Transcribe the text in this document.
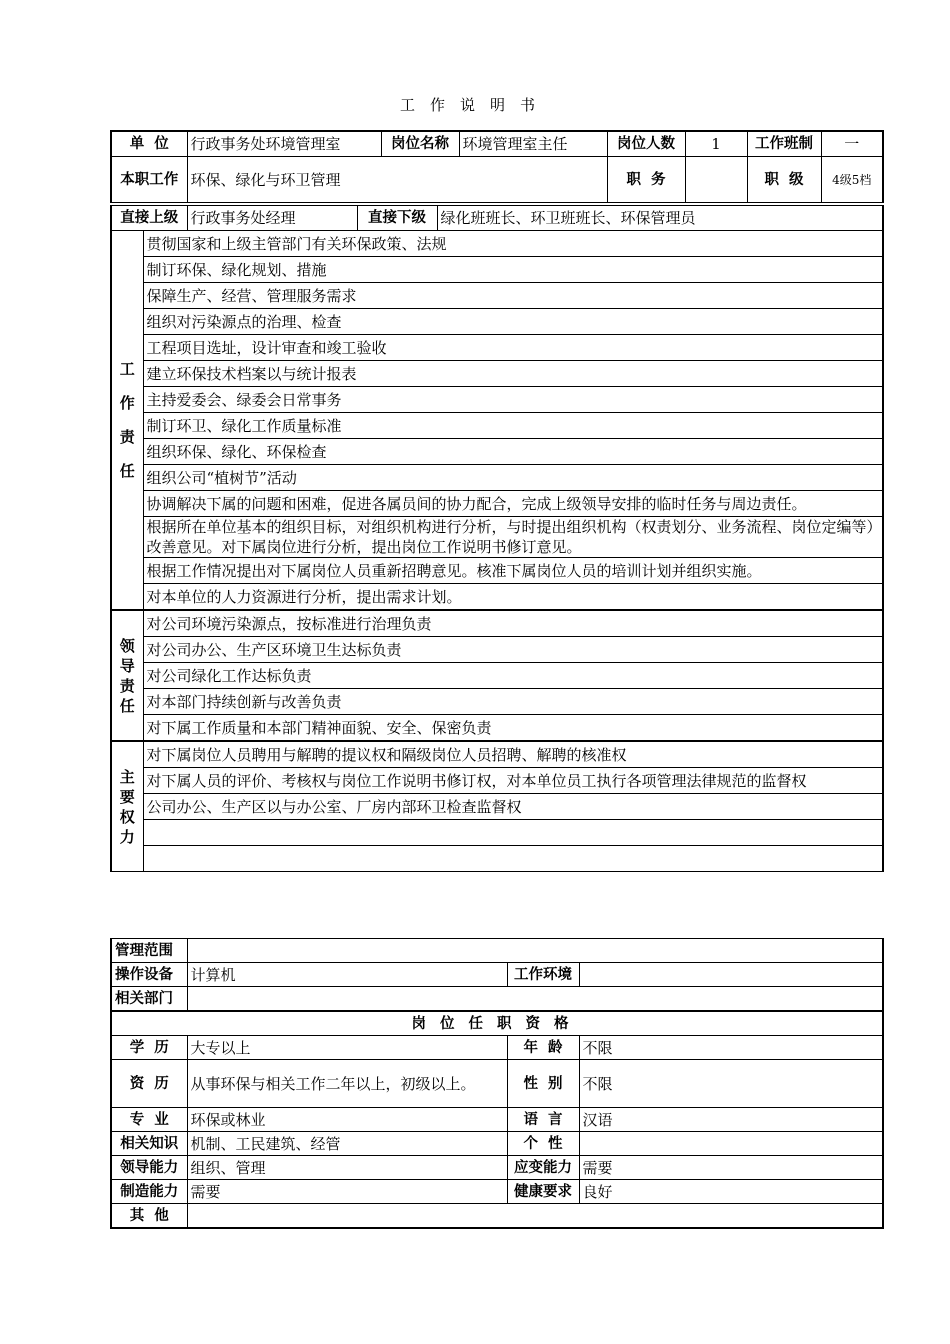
工作说明书
单  位	行政事务处环境管理室	岗位名称	环境管理室主任	岗位人数	1	工作班制	一
本职工作	环保、绿化与环卫管理			职  务		职  级	4级5档
直接上级	行政事务处经理	直接下级	绿化班班长、环卫班班长、环保管理员
工
作
责
任	贯彻国家和上级主管部门有关环保政策、法规
	制订环保、绿化规划、措施
	保障生产、经营、管理服务需求
	组织对污染源点的治理、检查
	工程项目选址，设计审查和竣工验收
	建立环保技术档案以与统计报表
	主持爱委会、绿委会日常事务
	制订环卫、绿化工作质量标准
	组织环保、绿化、环保检查
	组织公司“植树节”活动
	协调解决下属的问题和困难，促进各属员间的协力配合，完成上级领导安排的临时任务与周边责任。
	根据所在单位基本的组织目标，对组织机构进行分析，与时提出组织机构（权责划分、业务流程、岗位定编等）改善意见。对下属岗位进行分析，提出岗位工作说明书修订意见。
	根据工作情况提出对下属岗位人员重新招聘意见。核准下属岗位人员的培训计划并组织实施。
	对本单位的人力资源进行分析，提出需求计划。

领
导
责
任	对公司环境污染源点，按标准进行治理负责
	对公司办公、生产区环境卫生达标负责
	对公司绿化工作达标负责
	对本部门持续创新与改善负责
	对下属工作质量和本部门精神面貌、安全、保密负责

主
要
权
力	对下属岗位人员聘用与解聘的提议权和隔级岗位人员招聘、解聘的核准权
	对下属人员的评价、考核权与岗位工作说明书修订权，对本单位员工执行各项管理法律规范的监督权
	公司办公、生产区以与办公室、厂房内部环卫检查监督权

管理范围			
操作设备	计算机	工作环境	
相关部门			
岗位任职资格			
学  历	大专以上	年  龄	不限
资  历	从事环保与相关工作二年以上，初级以上。	性  别	不限
专  业	环保或林业	语  言	汉语
相关知识	机制、工民建筑、经管	个  性	
领导能力	组织、管理	应变能力	需要
制造能力	需要	健康要求	良好
其  他			
